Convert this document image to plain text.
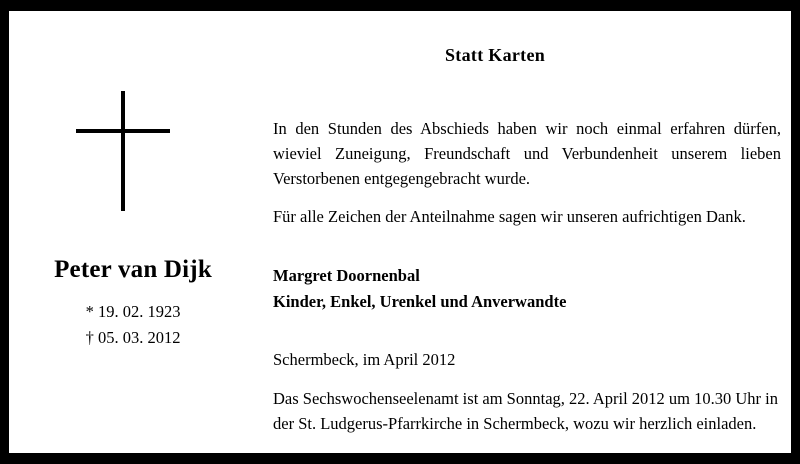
Peter van Dijk
* 19. 02. 1923
† 05. 03. 2012
Statt Karten

In den Stunden des Abschieds haben wir noch einmal erfahren dürfen, wieviel Zuneigung, Freundschaft und Verbundenheit unserem lieben Verstorbenen entgegengebracht wurde.

Für alle Zeichen der Anteilnahme sagen wir unseren aufrichtigen Dank.

Margret Doornenbal
Kinder, Enkel, Urenkel und Anverwandte

Schermbeck, im April 2012

Das Sechswochenseelenamt ist am Sonntag, 22. April 2012 um 10.30 Uhr in der St. Ludgerus-Pfarrkirche in Schermbeck, wozu wir herzlich einladen.
